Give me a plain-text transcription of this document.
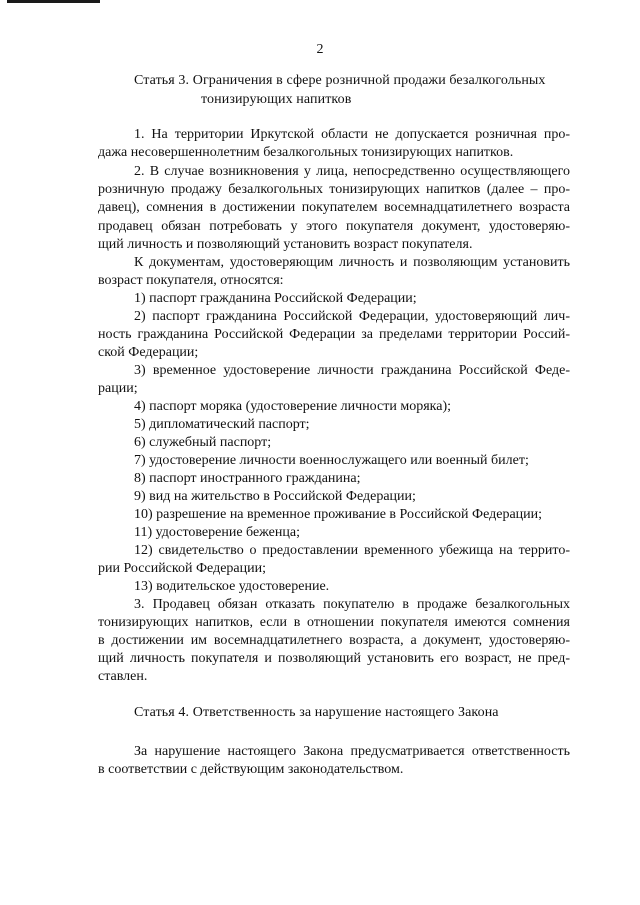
2
Статья 3. Ограничения в сфере розничной продажи безалкогольных
тонизирующих напитков
1. На территории Иркутской области не допускается розничная про-
дажа несовершеннолетним безалкогольных тонизирующих напитков.
2. В случае возникновения у лица, непосредственно осуществляющего
розничную продажу безалкогольных тонизирующих напитков (далее – про-
давец), сомнения в достижении покупателем восемнадцатилетнего возраста
продавец обязан потребовать у этого покупателя документ, удостоверяю-
щий личность и позволяющий установить возраст покупателя.
К документам, удостоверяющим личность и позволяющим установить
возраст покупателя, относятся:
1) паспорт гражданина Российской Федерации;
2) паспорт гражданина Российской Федерации, удостоверяющий лич-
ность гражданина Российской Федерации за пределами территории Россий-
ской Федерации;
3) временное удостоверение личности гражданина Российской Феде-
рации;
4) паспорт моряка (удостоверение личности моряка);
5) дипломатический паспорт;
6) служебный паспорт;
7) удостоверение личности военнослужащего или военный билет;
8) паспорт иностранного гражданина;
9) вид на жительство в Российской Федерации;
10) разрешение на временное проживание в Российской Федерации;
11) удостоверение беженца;
12) свидетельство о предоставлении временного убежища на террито-
рии Российской Федерации;
13) водительское удостоверение.
3. Продавец обязан отказать покупателю в продаже безалкогольных
тонизирующих напитков, если в отношении покупателя имеются сомнения
в достижении им восемнадцатилетнего возраста, а документ, удостоверяю-
щий личность покупателя и позволяющий установить его возраст, не пред-
ставлен.
Статья 4. Ответственность за нарушение настоящего Закона
За нарушение настоящего Закона предусматривается ответственность
в соответствии с действующим законодательством.
